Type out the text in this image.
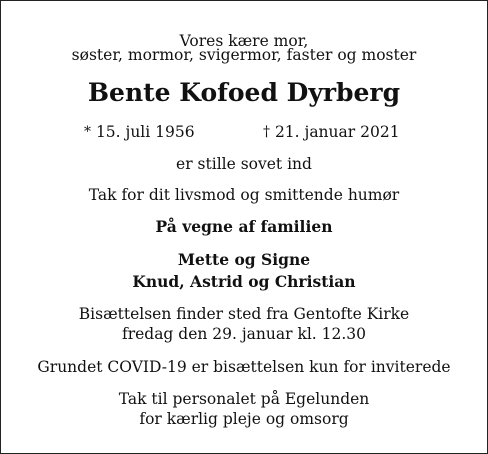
Vores kære mor,
søster, mormor, svigermor, faster og moster
Bente Kofoed Dyrberg
* 15. juli 1956	† 21. januar 2021
er stille sovet ind
Tak for dit livsmod og smittende humør
På vegne af familien
Mette og Signe
Knud, Astrid og Christian
Bisættelsen finder sted fra Gentofte Kirke
fredag den 29. januar kl. 12.30
Grundet COVID-19 er bisættelsen kun for inviterede
Tak til personalet på Egelunden
for kærlig pleje og omsorg
